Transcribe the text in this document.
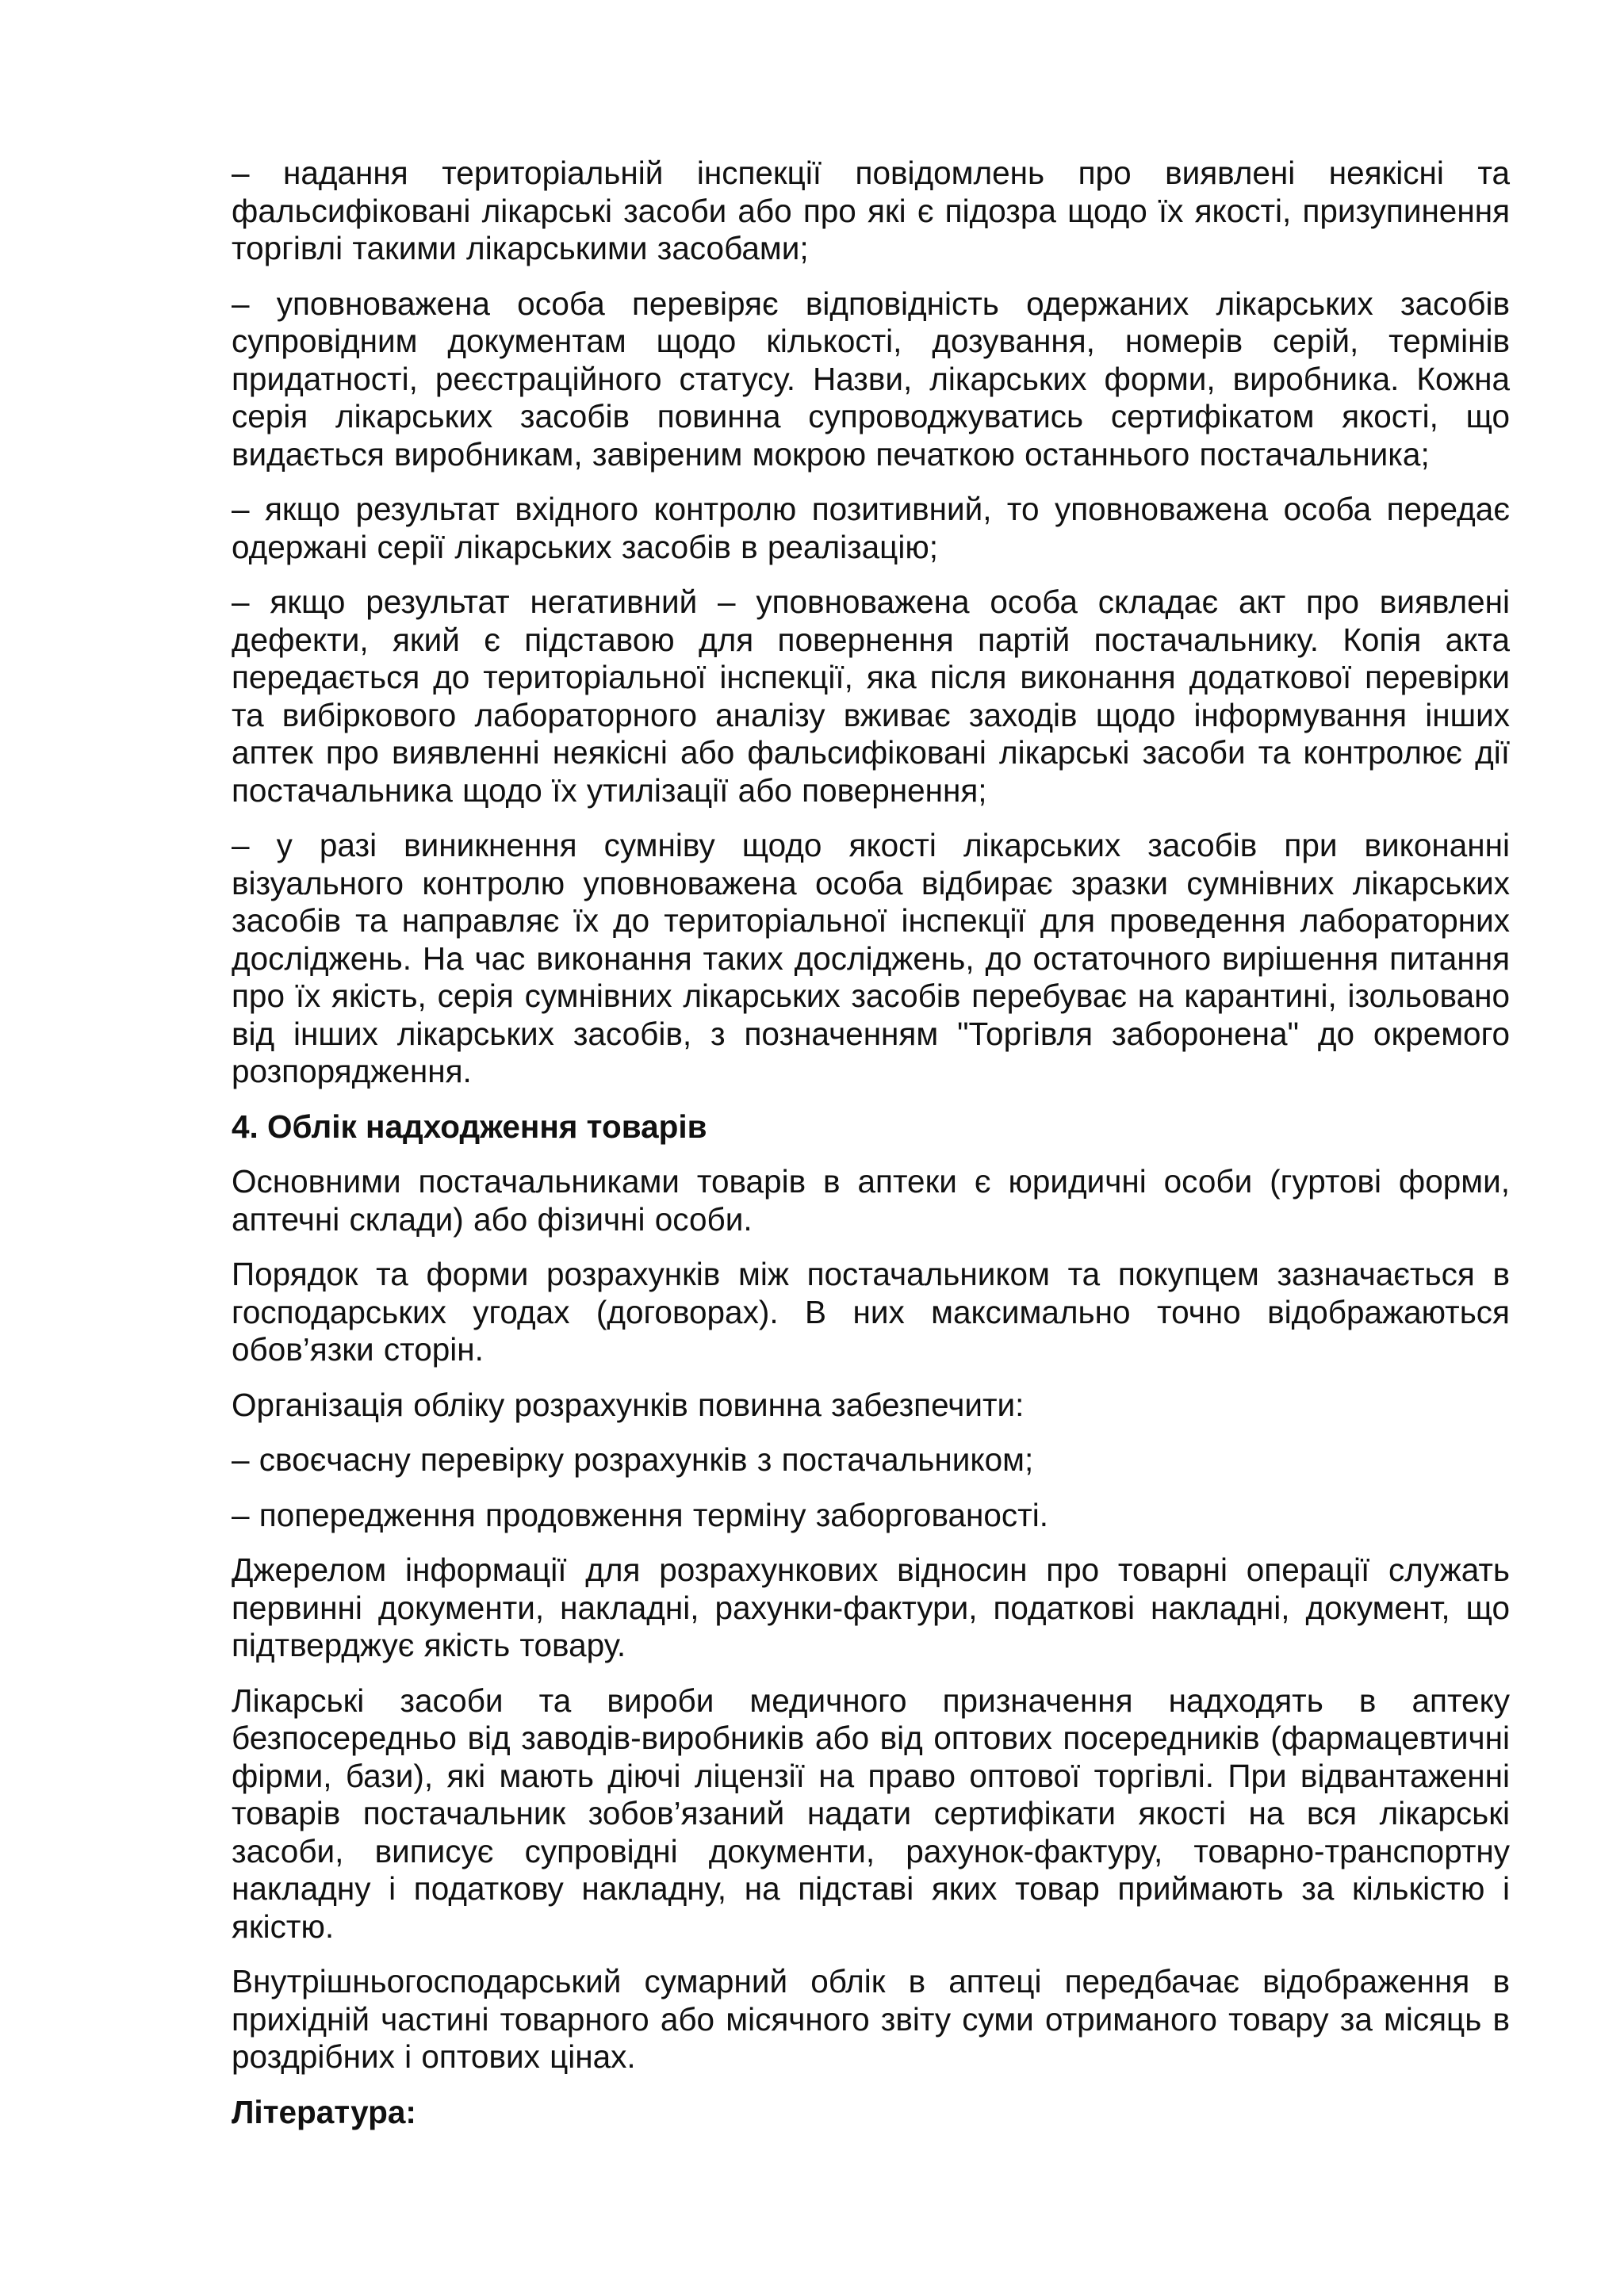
– надання територіальній інспекції повідомлень про виявлені неякісні та фальсифіковані лікарські засоби або про які є підозра щодо їх якості, призупинення торгівлі такими лікарськими засобами;

– уповноважена особа перевіряє відповідність одержаних лікарських засобів супровідним документам щодо кількості, дозування, номерів серій, термінів придатності, реєстраційного статусу. Назви, лікарських форми, виробника. Кожна серія лікарських засобів повинна супроводжуватись сертифікатом якості, що видається виробникам, завіреним мокрою печаткою останнього постачальника;

– якщо результат вхідного контролю позитивний, то уповноважена особа передає одержані серії лікарських засобів в реалізацію;

– якщо результат негативний – уповноважена особа складає акт про виявлені дефекти, який є підставою для повернення партій постачальнику. Копія акта передається до територіальної інспекції, яка після виконання додаткової перевірки та вибіркового лабораторного аналізу вживає заходів щодо інформування інших аптек про виявленні неякісні або фальсифіковані лікарські засоби та контролює дії постачальника щодо їх утилізації або повернення;

– у разі виникнення сумніву щодо якості лікарських засобів при виконанні візуального контролю уповноважена особа відбирає зразки сумнівних лікарських засобів та направляє їх до територіальної інспекції для проведення лабораторних досліджень. На час виконання таких досліджень, до остаточного вирішення питання про їх якість, серія сумнівних лікарських засобів перебуває на карантині, ізольовано від інших лікарських засобів, з позначенням "Торгівля заборонена" до окремого розпорядження.

4. Облік надходження товарів

Основними постачальниками товарів в аптеки є юридичні особи (гуртові форми, аптечні склади) або фізичні особи.

Порядок та форми розрахунків між постачальником та покупцем зазначається в господарських угодах (договорах). В них максимально точно відображаються обов’язки сторін.

Організація обліку розрахунків повинна забезпечити:

– своєчасну перевірку розрахунків з постачальником;

– попередження продовження терміну заборгованості.

Джерелом інформації для розрахункових відносин про товарні операції служать первинні документи, накладні, рахунки-фактури, податкові накладні, документ, що підтверджує якість товару.

Лікарські засоби та вироби медичного призначення надходять в аптеку безпосередньо від заводів-виробників або від оптових посередників (фармацевтичні фірми, бази), які мають діючі ліцензії на право оптової торгівлі. При відвантаженні товарів постачальник зобов’язаний надати сертифікати якості на вся лікарські засоби, виписує супровідні документи, рахунок-фактуру, товарно-транспортну накладну і податкову накладну, на підставі яких товар приймають за кількістю і якістю.

Внутрішньогосподарський сумарний облік в аптеці передбачає відображення в прихідній частині товарного або місячного звіту суми отриманого товару за місяць в роздрібних і оптових цінах.

Література:
